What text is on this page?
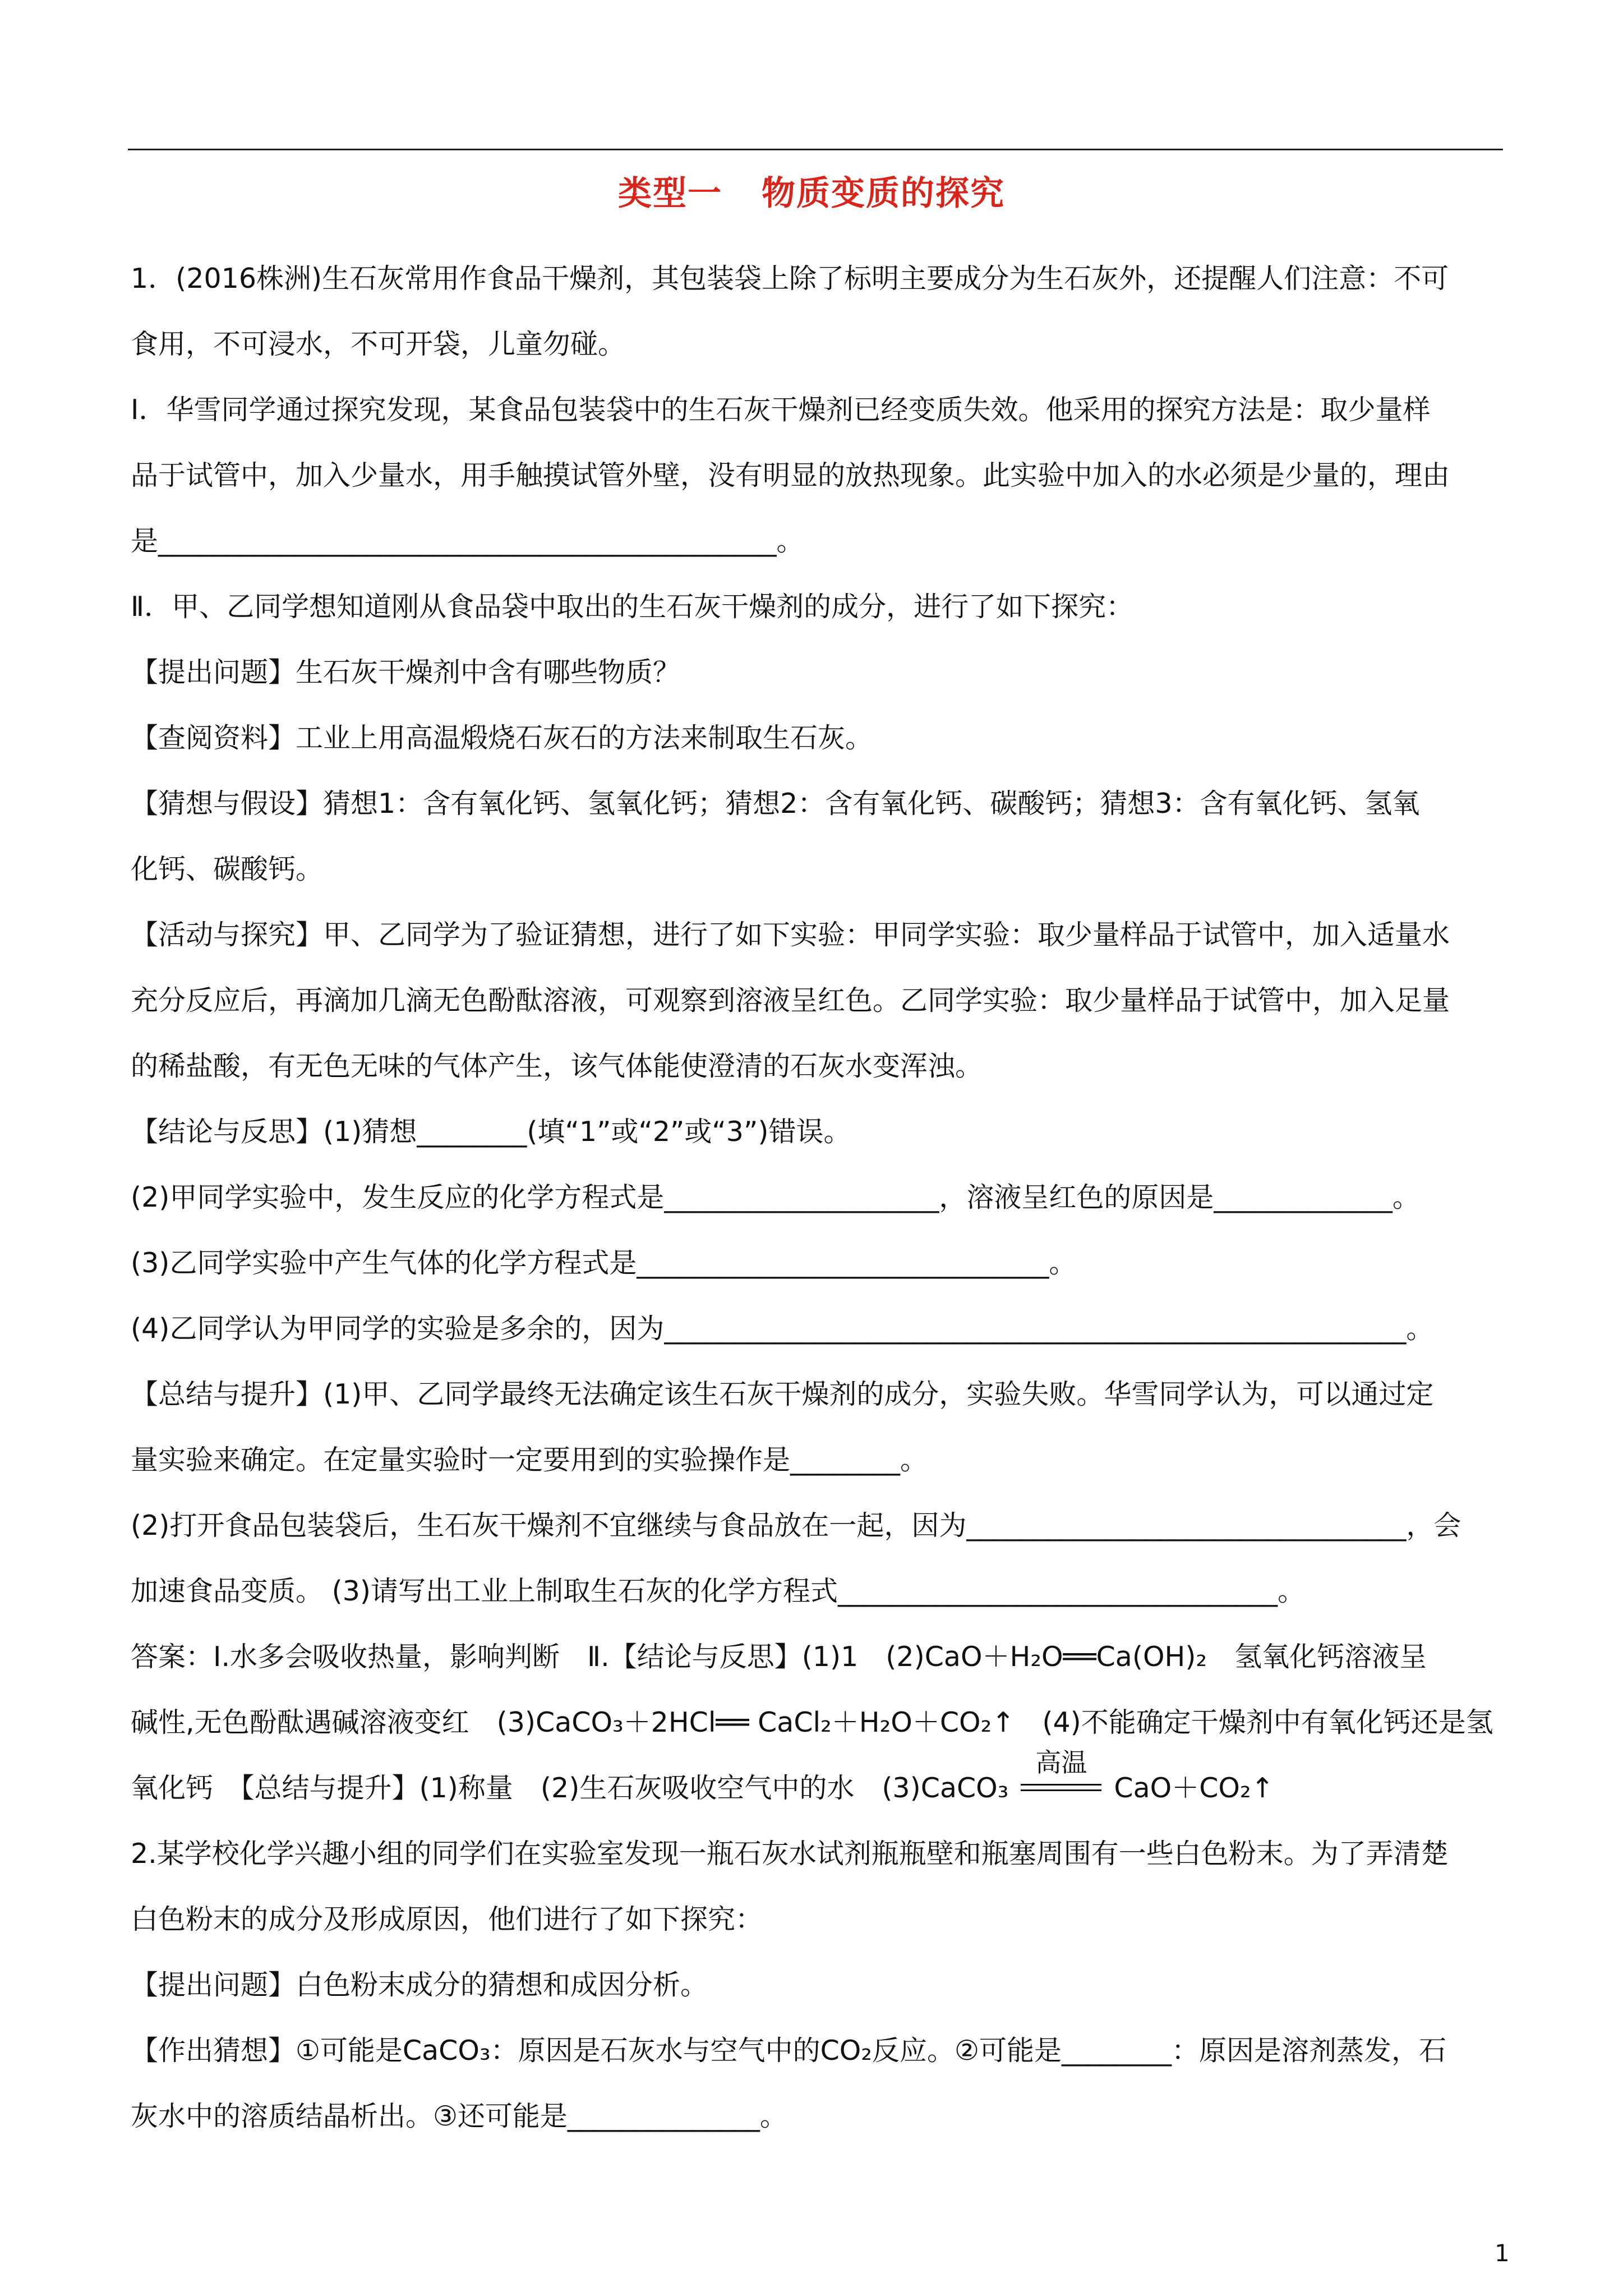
类型一 物质变质的探究

1．(2016株洲)生石灰常用作食品干燥剂，其包装袋上除了标明主要成分为生石灰外，还提醒人们注意：不可

食用，不可浸水，不可开袋，儿童勿碰。

Ⅰ．华雪同学通过探究发现，某食品包装袋中的生石灰干燥剂已经变质失效。他采用的探究方法是：取少量样

品于试管中，加入少量水，用手触摸试管外壁，没有明显的放热现象。此实验中加入的水必须是少量的，理由

是_____________________________________________。

Ⅱ．甲、乙同学想知道刚从食品袋中取出的生石灰干燥剂的成分，进行了如下探究：

【提出问题】生石灰干燥剂中含有哪些物质？

【查阅资料】工业上用高温煅烧石灰石的方法来制取生石灰。

【猜想与假设】猜想1：含有氧化钙、氢氧化钙；猜想2：含有氧化钙、碳酸钙；猜想3：含有氧化钙、氢氧

化钙、碳酸钙。

【活动与探究】甲、乙同学为了验证猜想，进行了如下实验：甲同学实验：取少量样品于试管中，加入适量水

充分反应后，再滴加几滴无色酚酞溶液，可观察到溶液呈红色。乙同学实验：取少量样品于试管中，加入足量

的稀盐酸，有无色无味的气体产生，该气体能使澄清的石灰水变浑浊。

【结论与反思】(1)猜想________(填“1”或“2”或“3”)错误。

(2)甲同学实验中，发生反应的化学方程式是____________________，溶液呈红色的原因是_____________。

(3)乙同学实验中产生气体的化学方程式是______________________________。

(4)乙同学认为甲同学的实验是多余的，因为______________________________________________________。

【总结与提升】(1)甲、乙同学最终无法确定该生石灰干燥剂的成分，实验失败。华雪同学认为，可以通过定

量实验来确定。在定量实验时一定要用到的实验操作是________。

(2)打开食品包装袋后，生石灰干燥剂不宜继续与食品放在一起，因为________________________________，会

加速食品变质。 (3)请写出工业上制取生石灰的化学方程式________________________________。

答案：Ⅰ.水多会吸收热量，影响判断　Ⅱ.【结论与反思】(1)1　(2)CaO＋H₂O══Ca(OH)₂　氢氧化钙溶液呈

碱性,无色酚酞遇碱溶液变红　(3)CaCO₃＋2HCl══ CaCl₂＋H₂O＋CO₂↑　(4)不能确定干燥剂中有氧化钙还是氢

氧化钙　【总结与提升】(1)称量　(2)生石灰吸收空气中的水　(3)CaCO₃
高温
CaO＋CO₂↑

2.某学校化学兴趣小组的同学们在实验室发现一瓶石灰水试剂瓶瓶壁和瓶塞周围有一些白色粉末。为了弄清楚

白色粉末的成分及形成原因，他们进行了如下探究：

【提出问题】白色粉末成分的猜想和成因分析。

【作出猜想】①可能是CaCO₃：原因是石灰水与空气中的CO₂反应。②可能是________：原因是溶剂蒸发，石

灰水中的溶质结晶析出。③还可能是______________。

1
